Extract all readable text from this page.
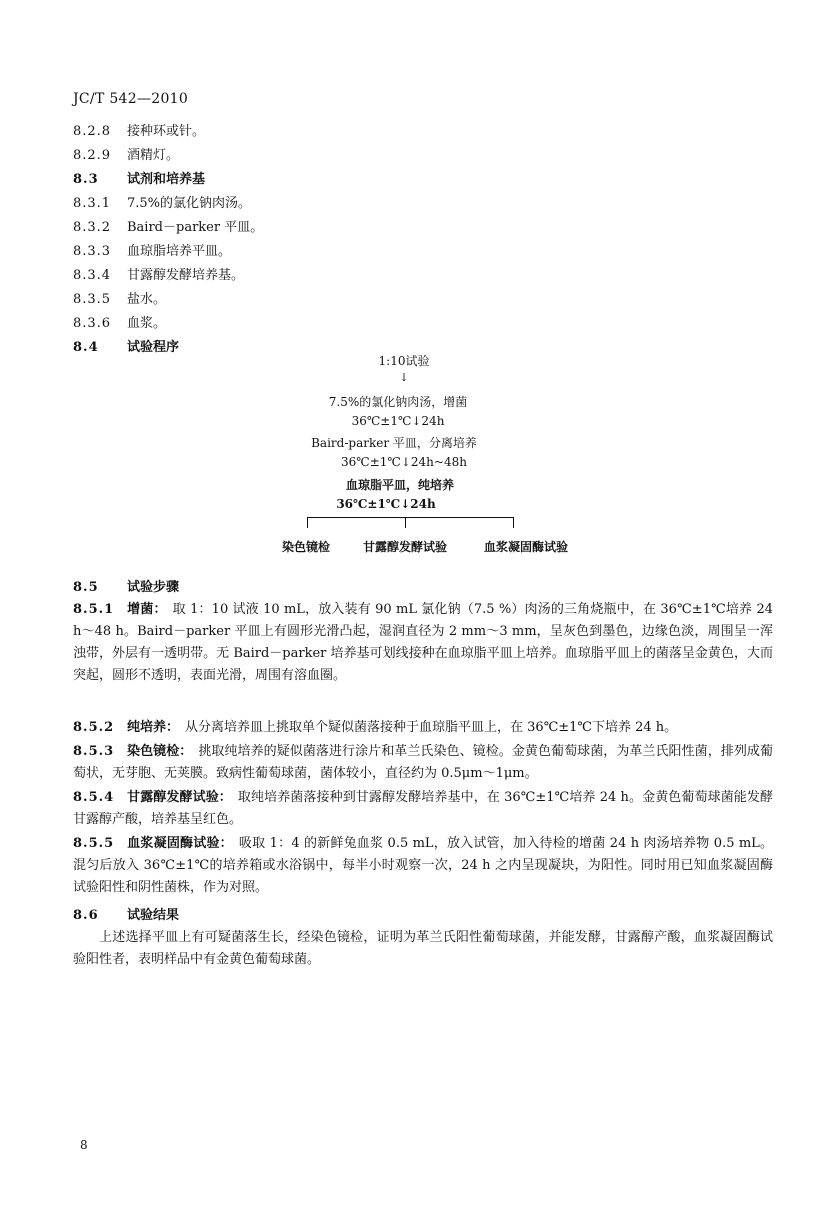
JC/T 542—2010
8.2.8 接种环或针。
8.2.9 酒精灯。
8.3 试剂和培养基
8.3.1 7.5%的氯化钠肉汤。
8.3.2 Baird－parker 平皿。
8.3.3 血琼脂培养平皿。
8.3.4 甘露醇发酵培养基。
8.3.5 盐水。
8.3.6 血浆。
8.4 试验程序
1:10试验
↓
7.5%的氯化钠肉汤，增菌
36℃±1℃↓24h
Baird-parker 平皿，分离培养
36℃±1℃↓24h~48h
血琼脂平皿，纯培养
36℃±1℃↓24h
染色镜检	甘露醇发酵试验	血浆凝固酶试验
8.5 试验步骤
8.5.1 增菌： 取 1：10 试液 10 mL，放入装有 90 mL 氯化钠（7.5 %）肉汤的三角烧瓶中，在 36℃±1℃培养 24 h～48 h。Baird－parker 平皿上有圆形光滑凸起，湿润直径为 2 mm～3 mm，呈灰色到墨色，边缘色淡，周围呈一浑浊带，外层有一透明带。无 Baird－parker 培养基可划线接种在血琼脂平皿上培养。血琼脂平皿上的菌落呈金黄色，大而突起，圆形不透明，表面光滑，周围有溶血圈。
8.5.2 纯培养： 从分离培养皿上挑取单个疑似菌落接种于血琼脂平皿上，在 36℃±1℃下培养 24 h。
8.5.3 染色镜检： 挑取纯培养的疑似菌落进行涂片和革兰氏染色、镜检。金黄色葡萄球菌，为革兰氏阳性菌，排列成葡萄状，无芽胞、无荚膜。致病性葡萄球菌，菌体较小，直径约为 0.5μm～1μm。
8.5.4 甘露醇发酵试验： 取纯培养菌落接种到甘露醇发酵培养基中，在 36℃±1℃培养 24 h。金黄色葡萄球菌能发酵甘露醇产酸，培养基呈红色。
8.5.5 血浆凝固酶试验： 吸取 1：4 的新鲜兔血浆 0.5 mL，放入试管，加入待检的增菌 24 h 肉汤培养物 0.5 mL。混匀后放入 36℃±1℃的培养箱或水浴锅中，每半小时观察一次，24 h 之内呈现凝块，为阳性。同时用已知血浆凝固酶试验阳性和阴性菌株，作为对照。
8.6 试验结果
上述选择平皿上有可疑菌落生长，经染色镜检，证明为革兰氏阳性葡萄球菌，并能发酵，甘露醇产酸，血浆凝固酶试验阳性者，表明样品中有金黄色葡萄球菌。
8
